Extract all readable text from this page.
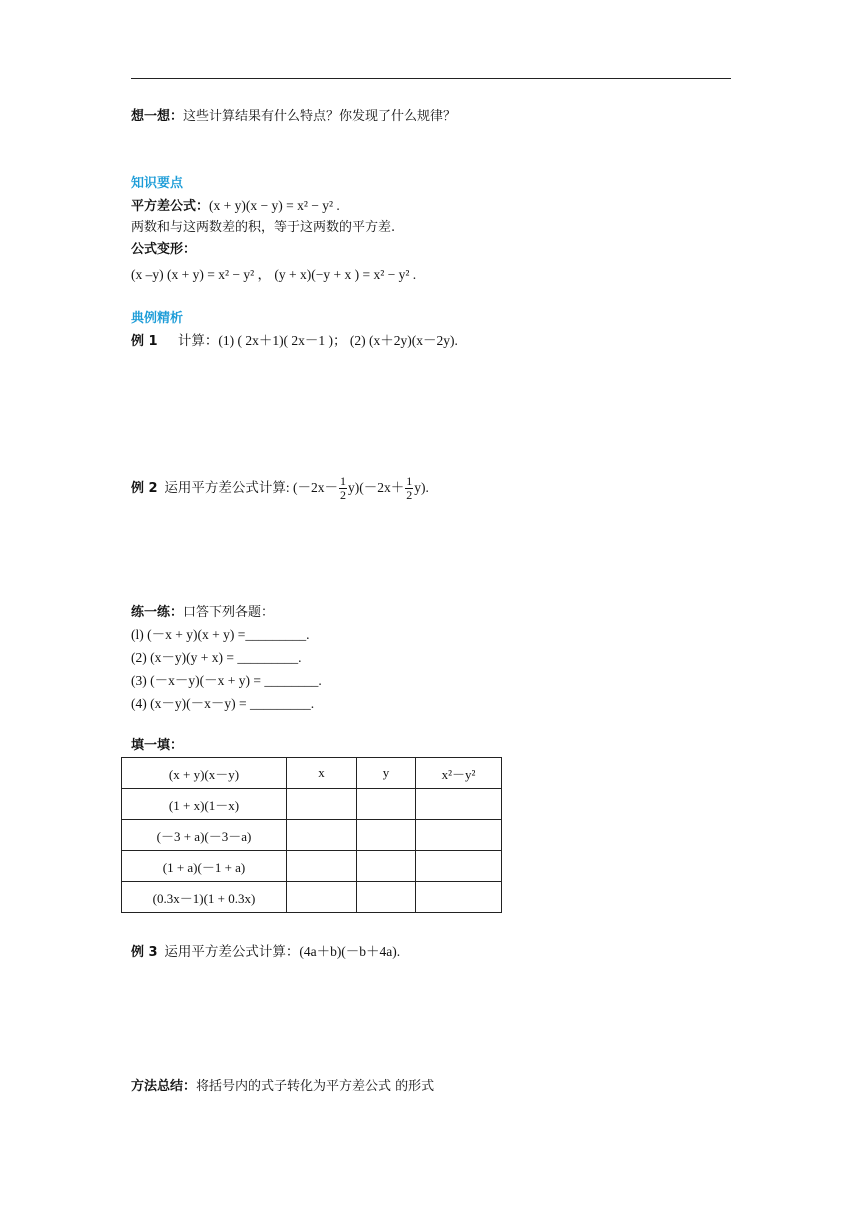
想一想：这些计算结果有什么特点？你发现了什么规律？
知识要点
平方差公式：(x + y)(x − y) = x² − y² .
两数和与这两数差的积，等于这两数的平方差.
公式变形：
(x –y) (x + y) = x² − y² ， (y + x)(−y + x ) = x² − y² .
典例精析
例 1 计算：(1) ( 2x＋1)( 2x－1 )； (2) (x＋2y)(x－2y).
例 2 运用平方差公式计算: $(-2x- \frac{1}{2} y)(-2x+ \frac{1}{2} y)$.
练一练：口答下列各题：
(l) (－x + y)(x + y) =_________.
(2) (x－y)(y + x) = _________.
(3) (－x－y)(－x + y) = ________.
(4) (x－y)(－x－y) = _________.
填一填：
(x + y)(x－y)	x	y	x²－y²
(1 + x)(1－x)			
(－3 + a)(－3－a)			
(1 + a)(－1 + a)			
(0.3x－1)(1 + 0.3x)			
例 3 运用平方差公式计算：(4a＋b)(－b＋4a).
方法总结：将括号内的式子转化为平方差公式 的形式
